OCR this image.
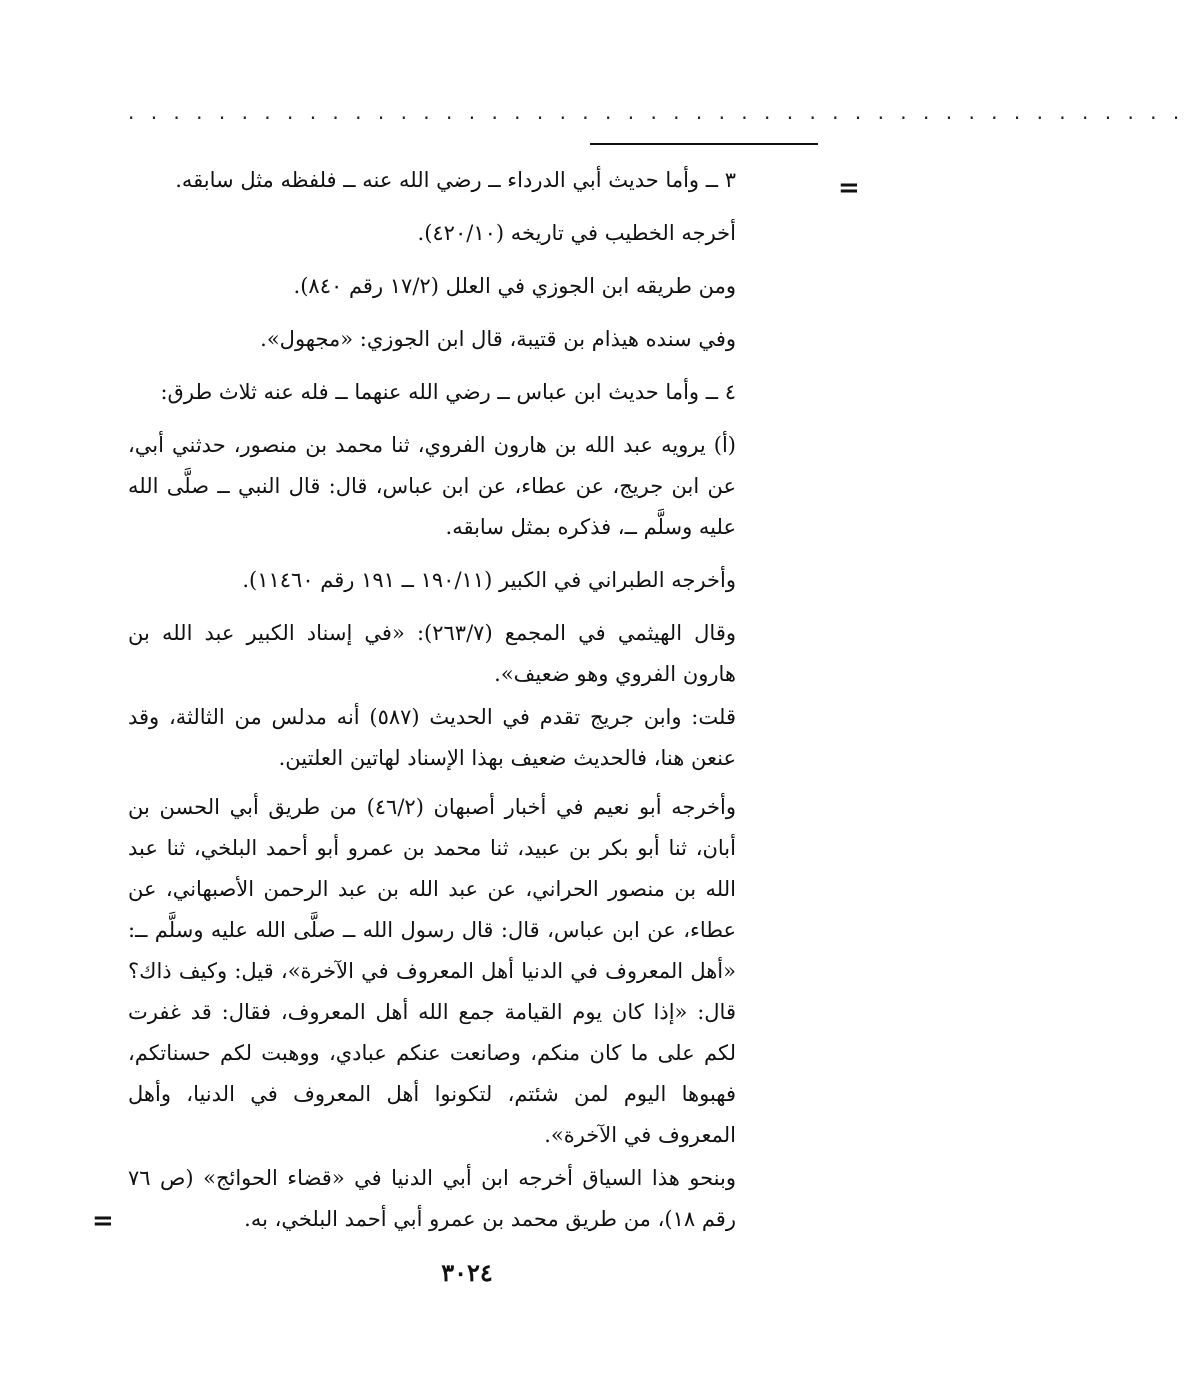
. . . . . . . . . . . . . . . . . . . . . . . . . . . . . . . . . . . . . . . . . . . . . . .
=
=

٣ ــ وأما حديث أبي الدرداء ــ رضي الله عنه ــ فلفظه مثل سابقه.

أخرجه الخطيب في تاريخه (٤٢٠/١٠).

ومن طريقه ابن الجوزي في العلل (١٧/٢ رقم ٨٤٠).

وفي سنده هيذام بن قتيبة، قال ابن الجوزي: «مجهول».

٤ ــ وأما حديث ابن عباس ــ رضي الله عنهما ــ فله عنه ثلاث طرق:

(أ) يرويه عبد الله بن هارون الفروي، ثنا محمد بن منصور، حدثني أبي، عن ابن جريج، عن عطاء، عن ابن عباس، قال: قال النبي ــ صلَّى الله عليه وسلَّم ــ، فذكره بمثل سابقه.

وأخرجه الطبراني في الكبير (١٩٠/١١ ــ ١٩١ رقم ١١٤٦٠).

وقال الهيثمي في المجمع (٢٦٣/٧): «في إسناد الكبير عبد الله بن هارون الفروي وهو ضعيف».

قلت: وابن جريج تقدم في الحديث (٥٨٧) أنه مدلس من الثالثة، وقد عنعن هنا، فالحديث ضعيف بهذا الإسناد لهاتين العلتين.

وأخرجه أبو نعيم في أخبار أصبهان (٤٦/٢) من طريق أبي الحسن بن أبان، ثنا أبو بكر بن عبيد، ثنا محمد بن عمرو أبو أحمد البلخي، ثنا عبد الله بن منصور الحراني، عن عبد الله بن عبد الرحمن الأصبهاني، عن عطاء، عن ابن عباس، قال: قال رسول الله ــ صلَّى الله عليه وسلَّم ــ: «أهل المعروف في الدنيا أهل المعروف في الآخرة»، قيل: وكيف ذاك؟ قال: «إذا كان يوم القيامة جمع الله أهل المعروف، فقال: قد غفرت لكم على ما كان منكم، وصانعت عنكم عبادي، ووهبت لكم حسناتكم، فهبوها اليوم لمن شئتم، لتكونوا أهل المعروف في الدنيا، وأهل المعروف في الآخرة».

وبنحو هذا السياق أخرجه ابن أبي الدنيا في «قضاء الحوائج» (ص ٧٦ رقم ١٨)، من طريق محمد بن عمرو أبي أحمد البلخي، به.

٣٠٢٤
